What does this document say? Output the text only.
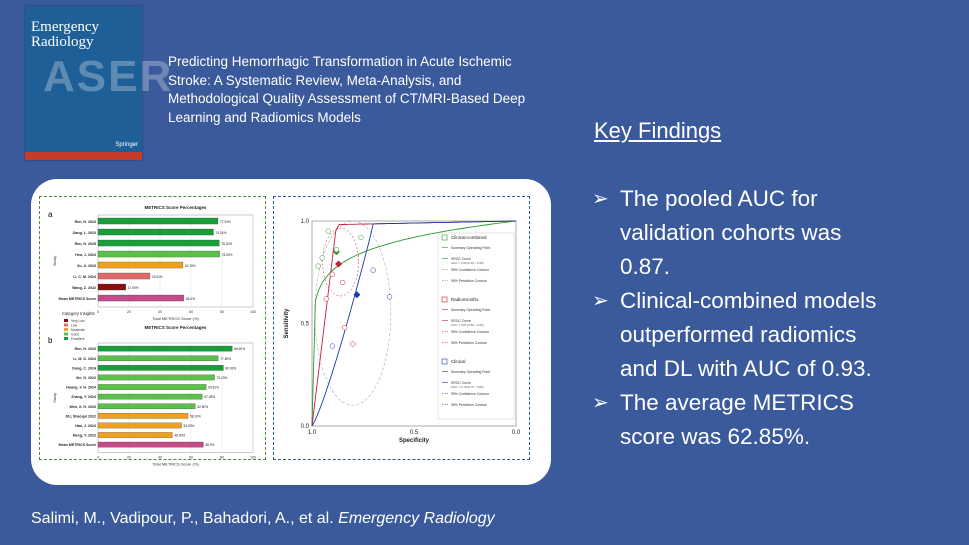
Emergency
Radiology
ASER
Springer
Predicting Hemorrhagic Transformation in Acute Ischemic Stroke: A Systematic Review, Meta-Analysis, and Methodological Quality Assessment of CT/MRI-Based Deep Learning and Radiomics Models
a
METRICS Score Percentages
0	20	40	60	80	100
Total METRICS Score (%)
Study
Ren, H. 2023	77.33%
Jiang, L. 2023	74.24%
Ren, H. 2025	78.30%
Heo, J. 2024	78.50%
Xu, X. 2023	54.76%
Li, C. M. 2024	33.51%
Wang, Z. 2022	17.90%
Mean METRICS Score	55.4%
b
METRICS Score Percentages
0	20	40	60	80	100
Total METRICS Score (%)
Study
Ren, H. 2023	86.60%
Li, M. D. 2024	77.60%
Dong, C. 2024	80.93%
Xie, G. 2022	75.23%
Huang, Y. H. 2024	69.81%
Zhang, Y. 2024	67.28%
Wen, X. H. 2023	62.80%
DU, Shaoqui 2022	58.10%
Han, J. 2024	53.90%
Meng, Y. 2022	48.00%
Mean METRICS Score	68.0%
Category Insights
Very Low
Low
Moderate
Good
Excellent
1.0	0.5	0.0
0.0
0.5
1.0
Specificity
Sensitivity
Clinical-combined
Summary Operating Point
SROC Curve
AUC = 0.93 [0.91 - 0.95]
95% Confidence Contour
95% Prediction Contour
Radiomics/DL
Summary Operating Point
SROC Curve
AUC = 0.87 [0.84 - 0.90]
95% Confidence Contour
95% Prediction Contour
Clinical
Summary Operating Point
SROC Curve
AUC = 0.79 [0.75 - 0.82]
95% Confidence Contour
95% Prediction Contour
Key Findings
➢ The pooled AUC for validation cohorts was 0.87.
➢ Clinical-combined models outperformed radiomics and DL with AUC of 0.93.
➢ The average METRICS score was 62.85%.
Salimi, M., Vadipour, P., Bahadori, A., et al. Emergency Radiology
